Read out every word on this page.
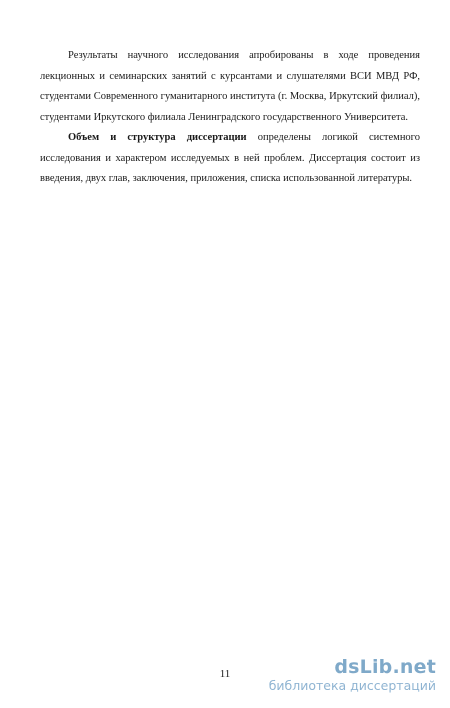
Результаты научного исследования апробированы в ходе проведения лекционных и семинарских занятий с курсантами и слушателями ВСИ МВД РФ, студентами Современного гуманитарного института (г. Москва, Иркутский филиал), студентами Иркутского филиала Ленинградского государственного Университета.

Объем и структура диссертации определены логикой системного исследования и характером исследуемых в ней проблем. Диссертация состоит из введения, двух глав, заключения, приложения, списка использованной литературы.

11	dsLib.net
библиотека диссертаций
